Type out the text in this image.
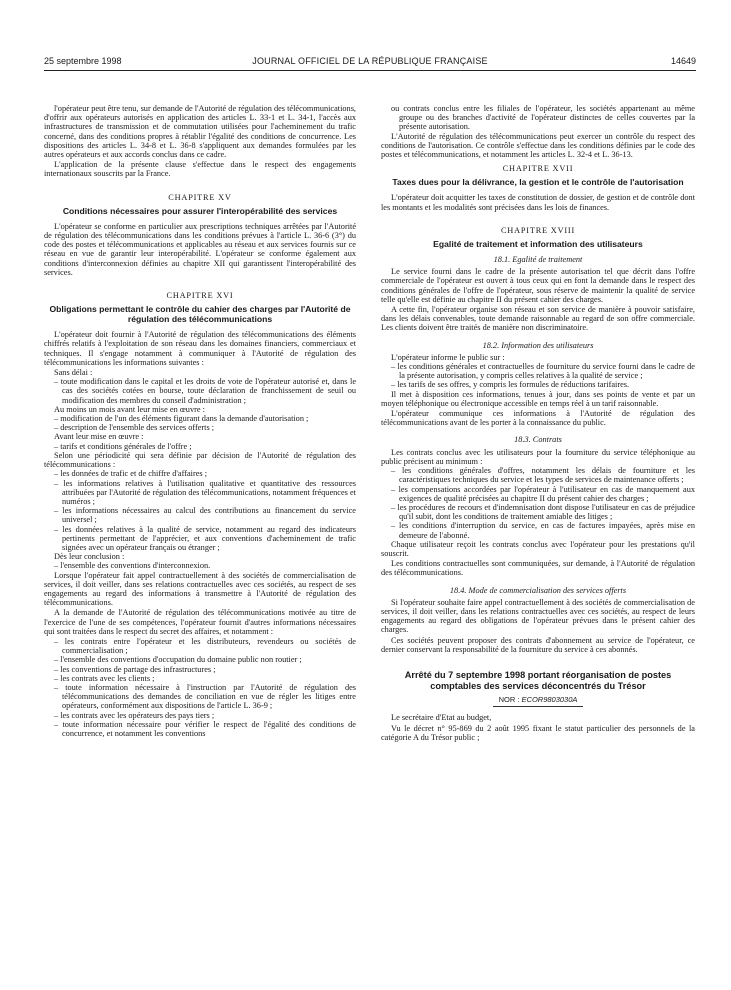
25 septembre 1998	JOURNAL OFFICIEL DE LA RÉPUBLIQUE FRANÇAISE	14649

l'opérateur peut être tenu, sur demande de l'Autorité de régulation des télécommunications, d'offrir aux opérateurs autorisés en application des articles L. 33-1 et L. 34-1, l'accès aux infrastructures de transmission et de commutation utilisées pour l'acheminement du trafic concerné, dans des conditions propres à rétablir l'égalité des conditions de concurrence. Les dispositions des articles L. 34-8 et L. 36-8 s'appliquent aux demandes formulées par les autres opérateurs et aux accords conclus dans ce cadre.

L'application de la présente clause s'effectue dans le respect des engagements internationaux souscrits par la France.

CHAPITRE XV
Conditions nécessaires pour assurer l'interopérabilité des services

L'opérateur se conforme en particulier aux prescriptions techniques arrêtées par l'Autorité de régulation des télécommunications dans les conditions prévues à l'article L. 36-6 (3°) du code des postes et télécommunications et applicables au réseau et aux services fournis sur ce réseau en vue de garantir leur interopérabilité. L'opérateur se conforme également aux conditions d'interconnexion définies au chapitre XII qui garantissent l'interopérabilité des services.

CHAPITRE XVI
Obligations permettant le contrôle du cahier des charges par l'Autorité de régulation des télécommunications

L'opérateur doit fournir à l'Autorité de régulation des télécommunications des éléments chiffrés relatifs à l'exploitation de son réseau dans les domaines financiers, commerciaux et techniques. Il s'engage notamment à communiquer à l'Autorité de régulation des télécommunications les informations suivantes :

Sans délai :

– toute modification dans le capital et les droits de vote de l'opérateur autorisé et, dans le cas des sociétés cotées en bourse, toute déclaration de franchissement de seuil ou modification des membres du conseil d'administration ;

Au moins un mois avant leur mise en œuvre :

– modification de l'un des éléments figurant dans la demande d'autorisation ;

– description de l'ensemble des services offerts ;

Avant leur mise en œuvre :

– tarifs et conditions générales de l'offre ;

Selon une périodicité qui sera définie par décision de l'Autorité de régulation des télécommunications :

– les données de trafic et de chiffre d'affaires ;

– les informations relatives à l'utilisation qualitative et quantitative des ressources attribuées par l'Autorité de régulation des télécommunications, notamment fréquences et numéros ;

– les informations nécessaires au calcul des contributions au financement du service universel ;

– les données relatives à la qualité de service, notamment au regard des indicateurs pertinents permettant de l'apprécier, et aux conventions d'acheminement de trafic signées avec un opérateur français ou étranger ;

Dès leur conclusion :

– l'ensemble des conventions d'interconnexion.

Lorsque l'opérateur fait appel contractuellement à des sociétés de commercialisation de services, il doit veiller, dans ses relations contractuelles avec ces sociétés, au respect de ses engagements au regard des informations à transmettre à l'Autorité de régulation des télécommunications.

A la demande de l'Autorité de régulation des télécommunications motivée au titre de l'exercice de l'une de ses compétences, l'opérateur fournit d'autres informations nécessaires qui sont traitées dans le respect du secret des affaires, et notamment :

– les contrats entre l'opérateur et les distributeurs, revendeurs ou sociétés de commercialisation ;

– l'ensemble des conventions d'occupation du domaine public non routier ;

– les conventions de partage des infrastructures ;

– les contrats avec les clients ;

– toute information nécessaire à l'instruction par l'Autorité de régulation des télécommunications des demandes de conciliation en vue de régler les litiges entre opérateurs, conformément aux dispositions de l'article L. 36-9 ;

– les contrats avec les opérateurs des pays tiers ;

– toute information nécessaire pour vérifier le respect de l'égalité des conditions de concurrence, et notamment les conventions

ou contrats conclus entre les filiales de l'opérateur, les sociétés appartenant au même groupe ou des branches d'activité de l'opérateur distinctes de celles couvertes par la présente autorisation.

L'Autorité de régulation des télécommunications peut exercer un contrôle du respect des conditions de l'autorisation. Ce contrôle s'effectue dans les conditions définies par le code des postes et télécommunications, et notamment les articles L. 32-4 et L. 36-13.

CHAPITRE XVII
Taxes dues pour la délivrance, la gestion et le contrôle de l'autorisation

L'opérateur doit acquitter les taxes de constitution de dossier, de gestion et de contrôle dont les montants et les modalités sont précisées dans les lois de finances.

CHAPITRE XVIII
Egalité de traitement et information des utilisateurs
18.1. Egalité de traitement

Le service fourni dans le cadre de la présente autorisation tel que décrit dans l'offre commerciale de l'opérateur est ouvert à tous ceux qui en font la demande dans le respect des conditions générales de l'offre de l'opérateur, sous réserve de maintenir la qualité de service telle qu'elle est définie au chapitre II du présent cahier des charges.

A cette fin, l'opérateur organise son réseau et son service de manière à pouvoir satisfaire, dans les délais convenables, toute demande raisonnable au regard de son offre commerciale. Les clients doivent être traités de manière non discriminatoire.

18.2. Information des utilisateurs

L'opérateur informe le public sur :

– les conditions générales et contractuelles de fourniture du service fourni dans le cadre de la présente autorisation, y compris celles relatives à la qualité de service ;

– les tarifs de ses offres, y compris les formules de réductions tarifaires.

Il met à disposition ces informations, tenues à jour, dans ses points de vente et par un moyen téléphonique ou électronique accessible en temps réel à un tarif raisonnable.

L'opérateur communique ces informations à l'Autorité de régulation des télécommunications avant de les porter à la connaissance du public.

18.3. Contrats

Les contrats conclus avec les utilisateurs pour la fourniture du service téléphonique au public précisent au minimum :

– les conditions générales d'offres, notamment les délais de fourniture et les caractéristiques techniques du service et les types de services de maintenance offerts ;

– les compensations accordées par l'opérateur à l'utilisateur en cas de manquement aux exigences de qualité précisées au chapitre II du présent cahier des charges ;

– les procédures de recours et d'indemnisation dont dispose l'utilisateur en cas de préjudice qu'il subit, dont les conditions de traitement amiable des litiges ;

– les conditions d'interruption du service, en cas de factures impayées, après mise en demeure de l'abonné.

Chaque utilisateur reçoit les contrats conclus avec l'opérateur pour les prestations qu'il souscrit.

Les conditions contractuelles sont communiquées, sur demande, à l'Autorité de régulation des télécommunications.

18.4. Mode de commercialisation des services offerts

Si l'opérateur souhaite faire appel contractuellement à des sociétés de commercialisation de services, il doit veiller, dans les relations contractuelles avec ces sociétés, au respect de leurs engagements au regard des obligations de l'opérateur prévues dans le présent cahier des charges.

Ces sociétés peuvent proposer des contrats d'abonnement au service de l'opérateur, ce dernier conservant la responsabilité de la fourniture du service à ces abonnés.

Arrêté du 7 septembre 1998 portant réorganisation de postes comptables des services déconcentrés du Trésor
NOR : ECOR9803030A

Le secrétaire d'Etat au budget,

Vu le décret n° 95-869 du 2 août 1995 fixant le statut particulier des personnels de la catégorie A du Trésor public ;
